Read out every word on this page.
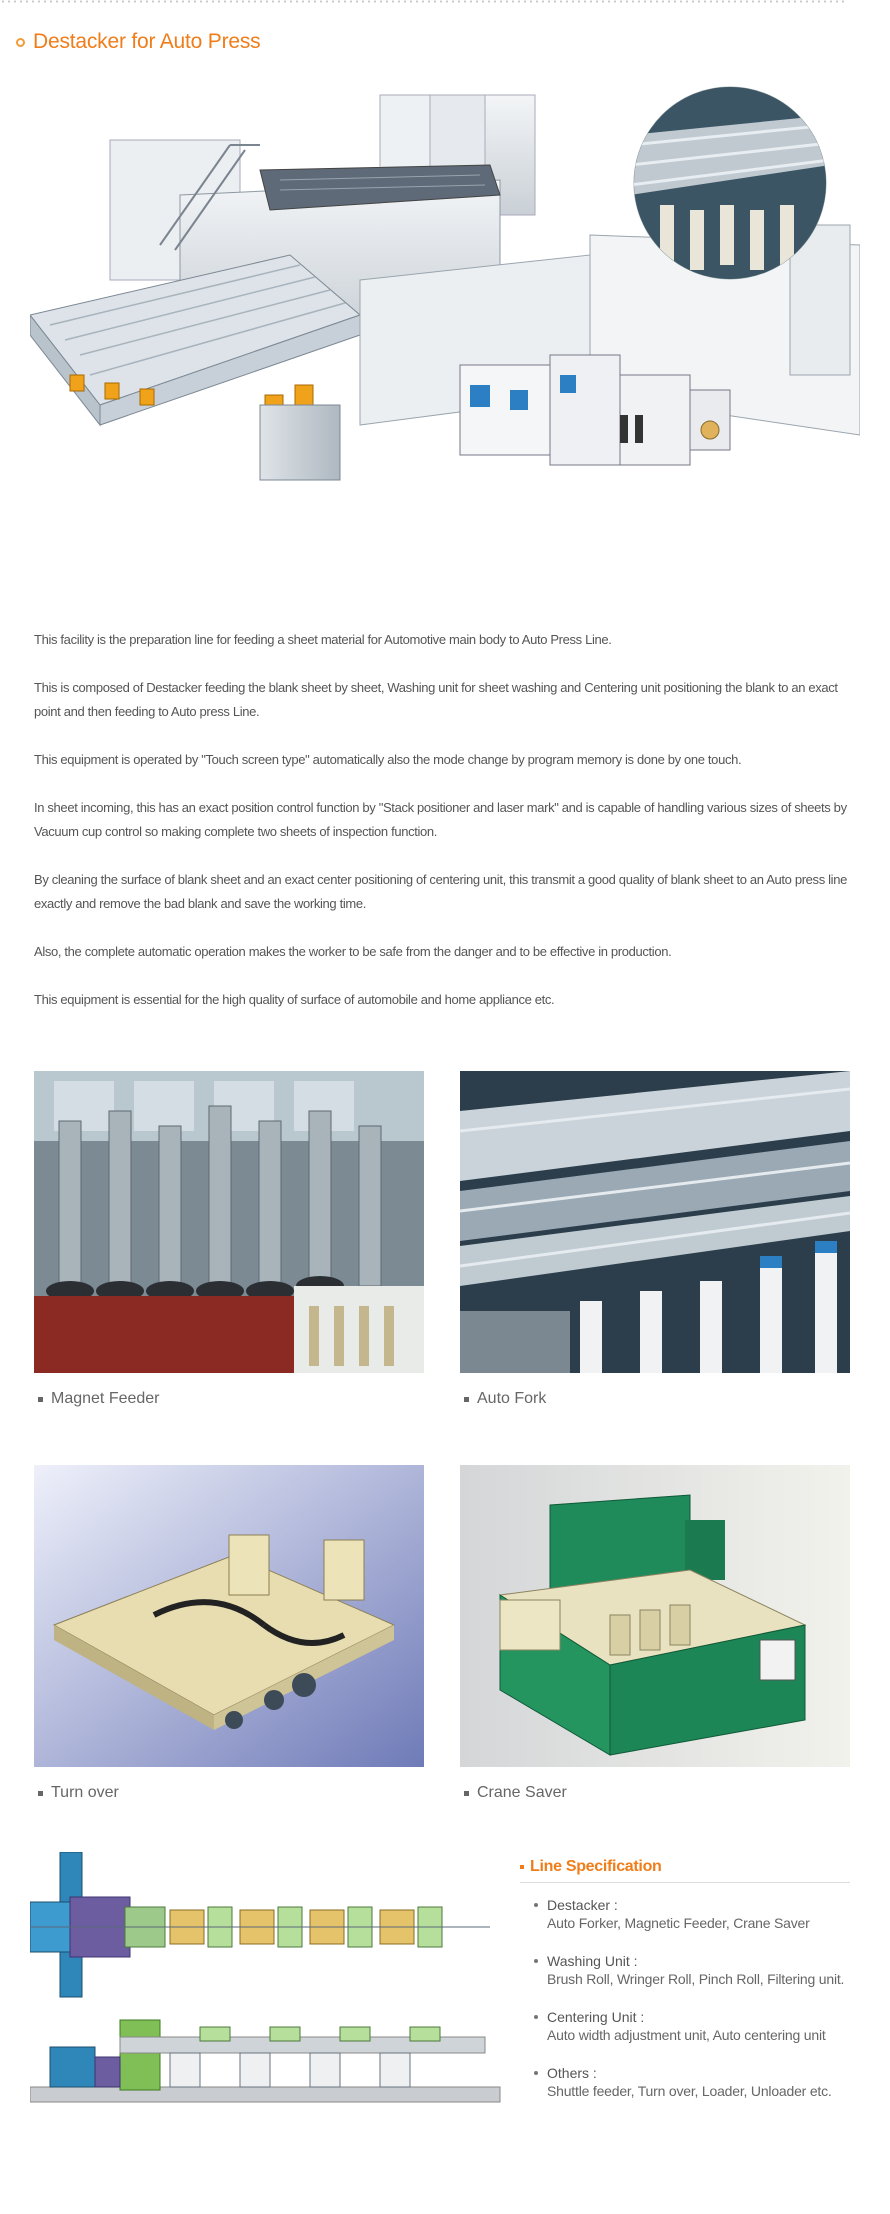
Destacker for Auto Press

This facility is the preparation line for feeding a sheet material for Automotive main body to Auto Press Line.

This is composed of Destacker feeding the blank sheet by sheet, Washing unit for sheet washing and Centering unit positioning the blank to an exact point and then feeding to Auto press Line.

This equipment is operated by "Touch screen type" automatically also the mode change by program memory is done by one touch.

In sheet incoming, this has an exact position control function by "Stack positioner and laser mark" and is capable of handling various sizes of sheets by Vacuum cup control so making complete two sheets of inspection function.

By cleaning the surface of blank sheet and an exact center positioning of centering unit, this transmit a good quality of blank sheet to an Auto press line exactly and remove the bad blank and save the working time.

Also, the complete automatic operation makes the worker to be safe from the danger and to be effective in production.

This equipment is essential for the high quality of surface of automobile and home appliance etc.

Magnet Feeder	Auto Fork
Turn over	Crane Saver
Line Specification
Destacker :
Auto Forker, Magnetic Feeder, Crane Saver
Washing Unit :
Brush Roll, Wringer Roll, Pinch Roll, Filtering unit.
Centering Unit :
Auto width adjustment unit, Auto centering unit
Others :
Shuttle feeder, Turn over, Loader, Unloader etc.
